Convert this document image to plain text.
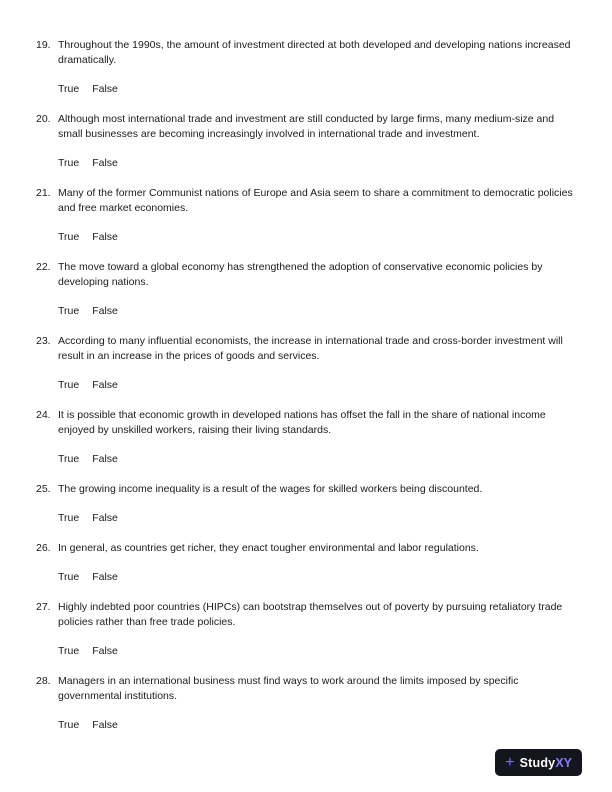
19. Throughout the 1990s, the amount of investment directed at both developed and developing nations increased dramatically.

True False
20. Although most international trade and investment are still conducted by large firms, many medium-size and small businesses are becoming increasingly involved in international trade and investment.

True False
21. Many of the former Communist nations of Europe and Asia seem to share a commitment to democratic policies and free market economies.

True False
22. The move toward a global economy has strengthened the adoption of conservative economic policies by developing nations.

True False
23. According to many influential economists, the increase in international trade and cross-border investment will result in an increase in the prices of goods and services.

True False
24. It is possible that economic growth in developed nations has offset the fall in the share of national income enjoyed by unskilled workers, raising their living standards.

True False
25. The growing income inequality is a result of the wages for skilled workers being discounted.

True False
26. In general, as countries get richer, they enact tougher environmental and labor regulations.

True False
27. Highly indebted poor countries (HIPCs) can bootstrap themselves out of poverty by pursuing retaliatory trade policies rather than free trade policies.

True False
28. Managers in an international business must find ways to work around the limits imposed by specific governmental institutions.

True False
+ Study XY
